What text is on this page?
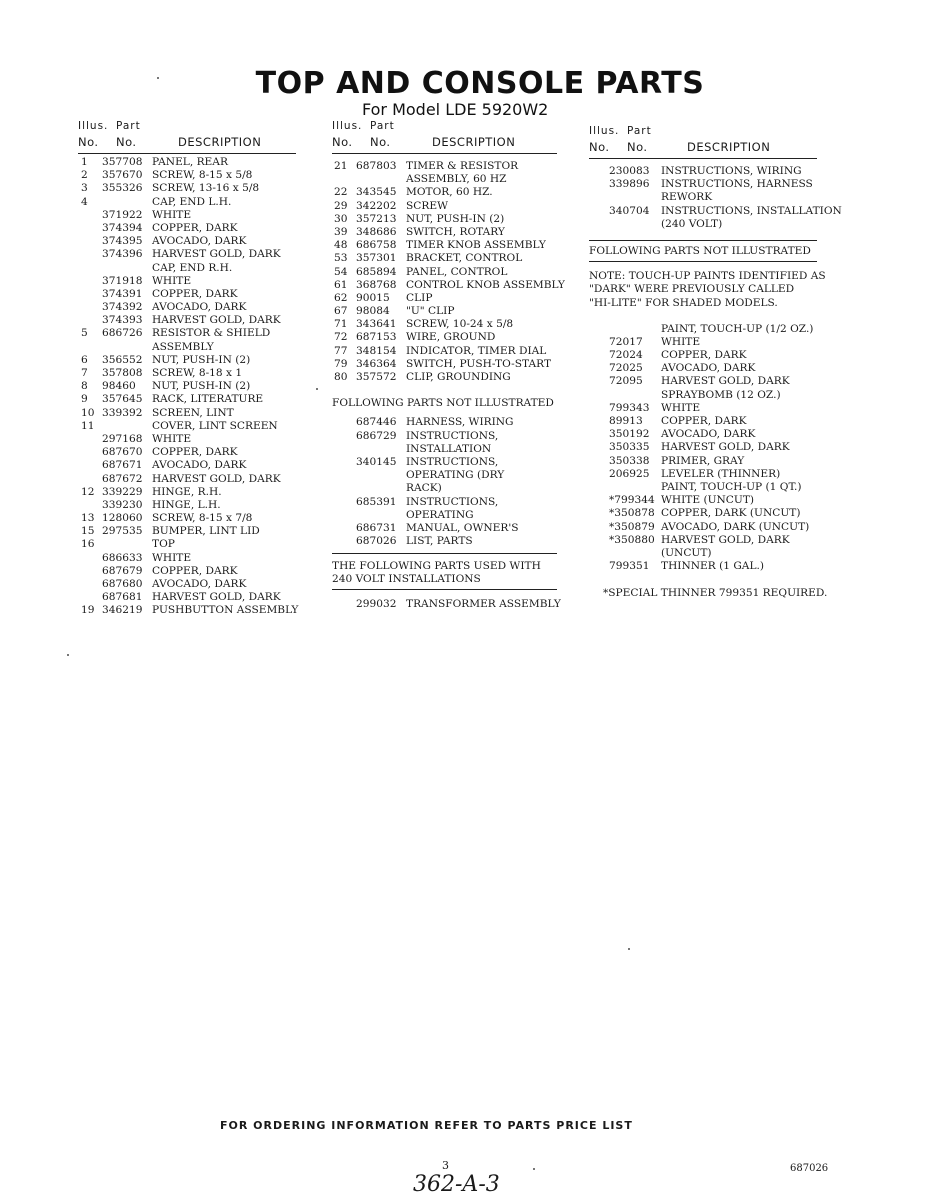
TOP AND CONSOLE PARTS
For Model LDE 5920W2
Illus. Part
No. No.	DESCRIPTION
1 357708 PANEL, REAR
2 357670 SCREW, 8-15 x 5/8
3 355326 SCREW, 13-16 x 5/8
4	CAP, END L.H.
371922 WHITE
374394 COPPER, DARK
374395 AVOCADO, DARK
374396 HARVEST GOLD, DARK
CAP, END R.H.
371918 WHITE
374391 COPPER, DARK
374392 AVOCADO, DARK
374393 HARVEST GOLD, DARK
5 686726 RESISTOR & SHIELD
ASSEMBLY
6 356552 NUT, PUSH-IN (2)
7 357808 SCREW, 8-18 x 1
8 98460 NUT, PUSH-IN (2)
9 357645 RACK, LITERATURE
10 339392 SCREEN, LINT
11	COVER, LINT SCREEN
297168 WHITE
687670 COPPER, DARK
687671 AVOCADO, DARK
687672 HARVEST GOLD, DARK
12 339229 HINGE, R.H.
339230 HINGE, L.H.
13 128060 SCREW, 8-15 x 7/8
15 297535 BUMPER, LINT LID
16	TOP
686633 WHITE
687679 COPPER, DARK
687680 AVOCADO, DARK
687681 HARVEST GOLD, DARK
19 346219 PUSHBUTTON ASSEMBLY
Illus. Part
No. No.	DESCRIPTION
21 687803 TIMER & RESISTOR
ASSEMBLY, 60 HZ
22 343545 MOTOR, 60 HZ.
29 342202 SCREW
30 357213 NUT, PUSH-IN (2)
39 348686 SWITCH, ROTARY
48 686758 TIMER KNOB ASSEMBLY
53 357301 BRACKET, CONTROL
54 685894 PANEL, CONTROL
61 368768 CONTROL KNOB ASSEMBLY
62 90015 CLIP
67 98084 "U" CLIP
71 343641 SCREW, 10-24 x 5/8
72 687153 WIRE, GROUND
77 348154 INDICATOR, TIMER DIAL
79 346364 SWITCH, PUSH-TO-START
80 357572 CLIP, GROUNDING
FOLLOWING PARTS NOT ILLUSTRATED
687446 HARNESS, WIRING
686729 INSTRUCTIONS,
INSTALLATION
340145 INSTRUCTIONS,
OPERATING (DRY
RACK)
685391 INSTRUCTIONS,
OPERATING
686731 MANUAL, OWNER'S
687026 LIST, PARTS
THE FOLLOWING PARTS USED WITH
240 VOLT INSTALLATIONS
299032 TRANSFORMER ASSEMBLY
Illus. Part
No. No.	DESCRIPTION
230083 INSTRUCTIONS, WIRING
339896 INSTRUCTIONS, HARNESS
REWORK
340704 INSTRUCTIONS, INSTALLATION
(240 VOLT)
FOLLOWING PARTS NOT ILLUSTRATED
NOTE: TOUCH-UP PAINTS IDENTIFIED AS
"DARK" WERE PREVIOUSLY CALLED
"HI-LITE" FOR SHADED MODELS.
PAINT, TOUCH-UP (1/2 OZ.)
72017 WHITE
72024 COPPER, DARK
72025 AVOCADO, DARK
72095 HARVEST GOLD, DARK
SPRAYBOMB (12 OZ.)
799343 WHITE
89913 COPPER, DARK
350192 AVOCADO, DARK
350335 HARVEST GOLD, DARK
350338 PRIMER, GRAY
206925 LEVELER (THINNER)
PAINT, TOUCH-UP (1 QT.)
*799344 WHITE (UNCUT)
*350878 COPPER, DARK (UNCUT)
*350879 AVOCADO, DARK (UNCUT)
*350880 HARVEST GOLD, DARK
(UNCUT)
799351 THINNER (1 GAL.)
*SPECIAL THINNER 799351 REQUIRED.
FOR ORDERING INFORMATION REFER TO PARTS PRICE LIST
3
362-A-3
687026
